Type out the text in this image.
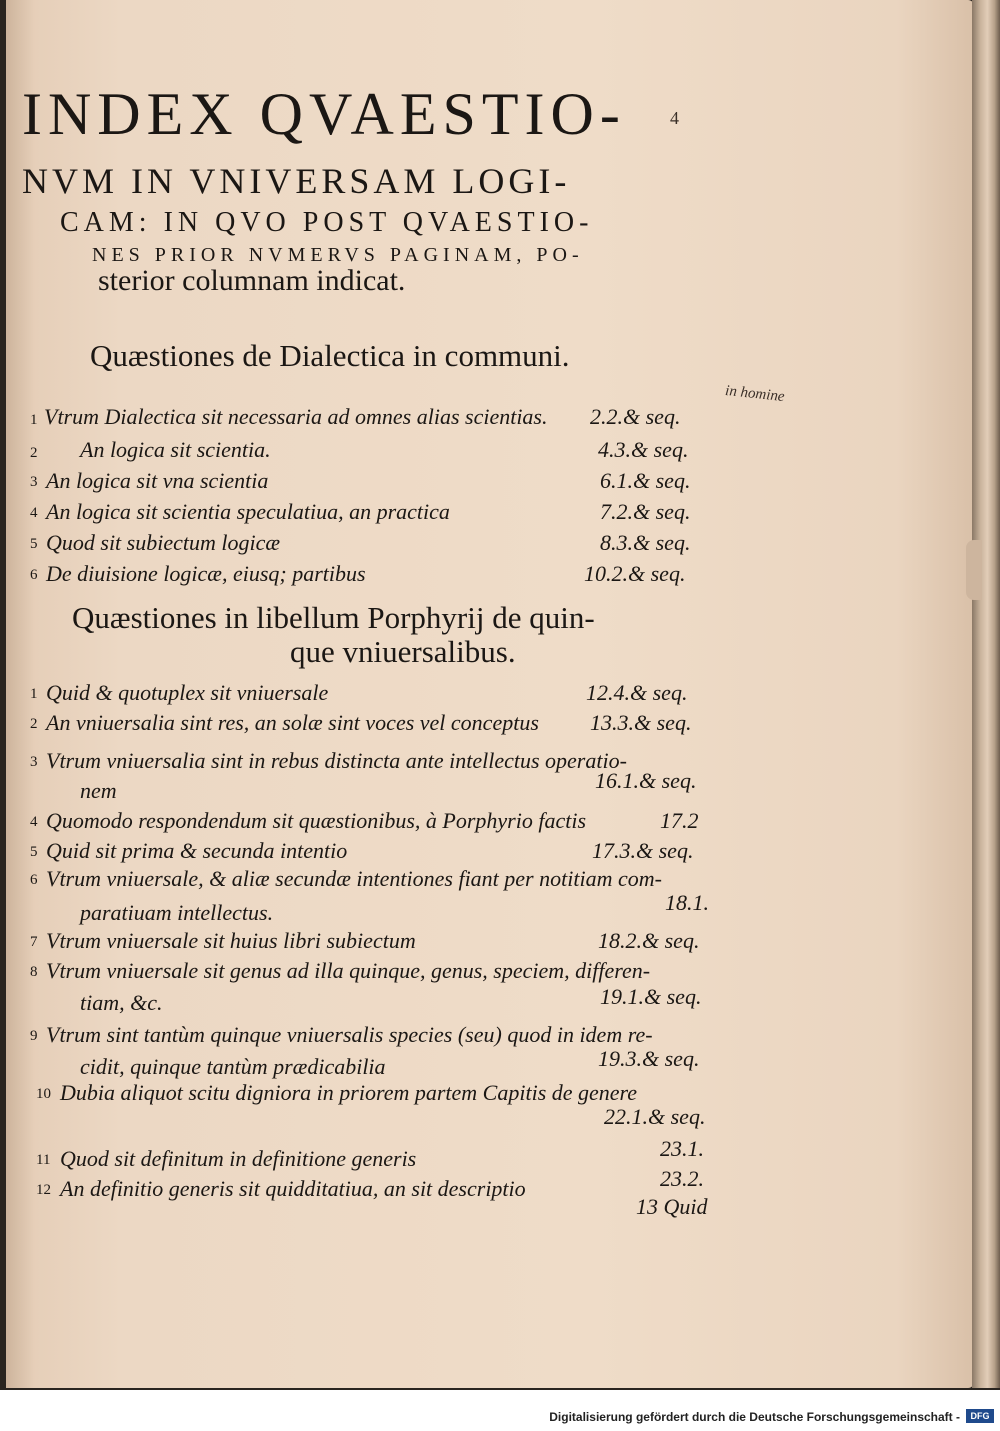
INDEX QVAESTIO- 4
NVM IN VNIVERSAM LOGI-
CAM: IN QVO POST QVAESTIO-
NES PRIOR NVMERVS PAGINAM, PO-
sterior columnam indicat.
Quæstiones de Dialectica in communi.
in homine
1 Vtrum Dialectica sit necessaria ad omnes alias scientias. 2.2.& seq.
2 An logica sit scientia.	4.3.& seq.
3 An logica sit vna scientia	6.1.& seq.
4 An logica sit scientia speculatiua, an practica	7.2.& seq.
5 Quod sit subiectum logicæ	8.3.& seq.
6 De diuisione logicæ, eiusq; partibus	10.2.& seq.
Quæstiones in libellum Porphyrij de quin-
que vniuersalibus.
1 Quid & quotuplex sit vniuersale	12.4.& seq.
2 An vniuersalia sint res, an solæ sint voces vel conceptus 13.3.& seq.
3 Vtrum vniuersalia sint in rebus distincta ante intellectus operatio-
nem	16.1.& seq.
4 Quomodo respondendum sit quæstionibus, à Porphyrio factis	17.2
5 Quid sit prima & secunda intentio	17.3.& seq.
6 Vtrum vniuersale, & aliæ secundæ intentiones fiant per notitiam com-
paratiuam intellectus.	18.1.
7 Vtrum vniuersale sit huius libri subiectum	18.2.& seq.
8 Vtrum vniuersale sit genus ad illa quinque, genus, speciem, differen-
tiam, &c.	19.1.& seq.
9 Vtrum sint tantùm quinque vniuersalis species (seu) quod in idem re-
cidit, quinque tantùm prædicabilia	19.3.& seq.
10 Dubia aliquot scitu digniora in priorem partem Capitis de genere
22.1.& seq.
11 Quod sit definitum in definitione generis	23.1.
12 An definitio generis sit quidditatiua, an sit descriptio	23.2.
13 Quid
Digitalisierung gefördert durch die Deutsche Forschungsgemeinschaft -	DFG
